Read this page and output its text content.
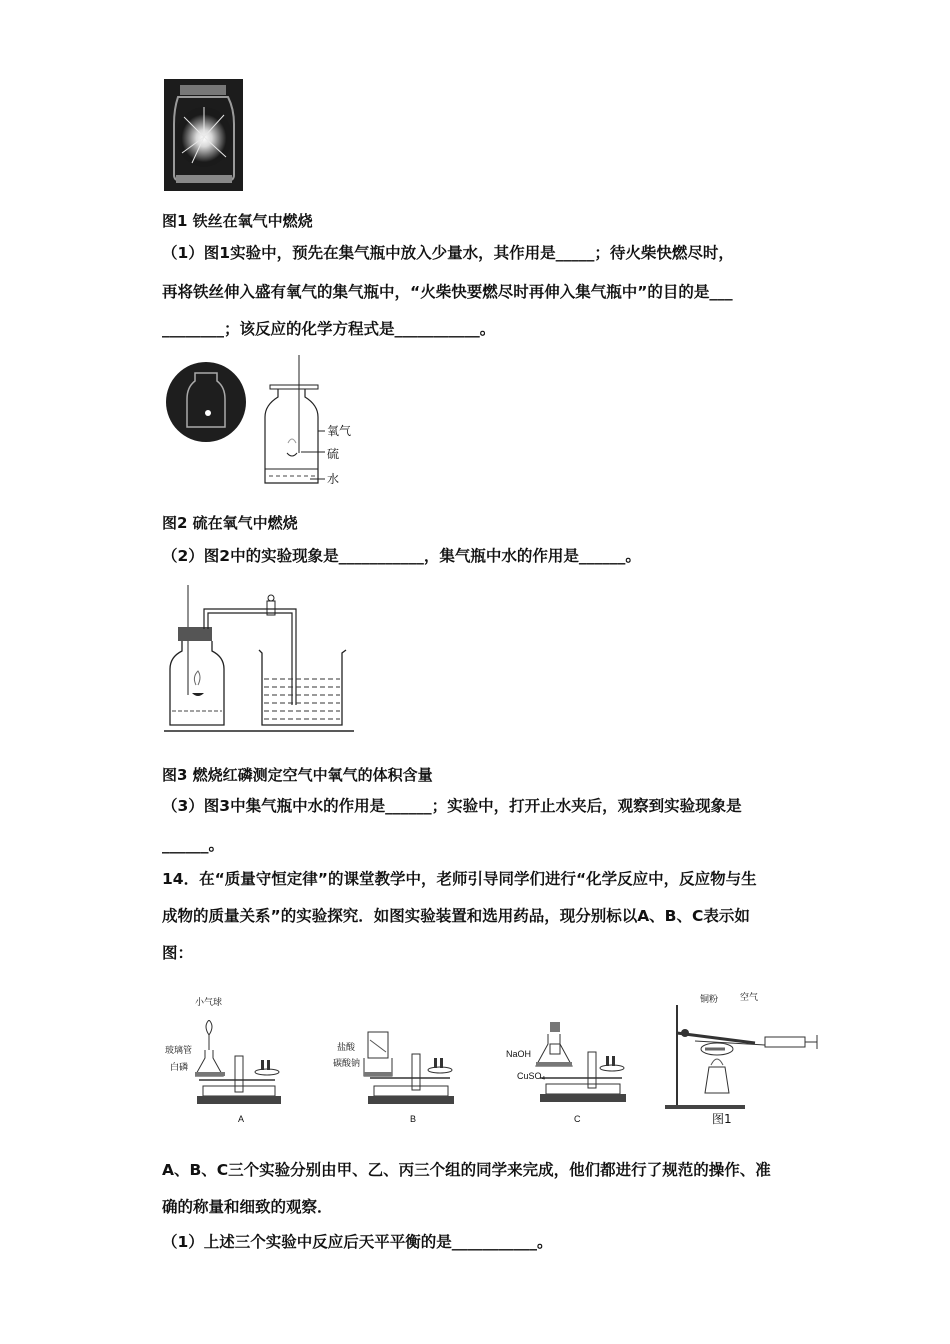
图1 铁丝在氧气中燃烧
（1）图1实验中，预先在集气瓶中放入少量水，其作用是_____；待火柴快燃尽时，
再将铁丝伸入盛有氧气的集气瓶中，“火柴快要燃尽时再伸入集气瓶中”的目的是___
________；该反应的化学方程式是___________。
氧气
硫
水
图2 硫在氧气中燃烧
（2）图2中的实验现象是___________，集气瓶中水的作用是______。
图3 燃烧红磷测定空气中氧气的体积含量
（3）图3中集气瓶中水的作用是______；实验中，打开止水夹后，观察到实验现象是
______。
14．在“质量守恒定律”的课堂教学中，老师引导同学们进行“化学反应中，反应物与生
成物的质量关系”的实验探究．如图实验装置和选用药品，现分别标以A、B、C表示如
图：
小气球
玻璃管
白磷
A
盐酸
碳酸钠
B
NaOH
CuSO₄
C
铜粉 空气
图1
A、B、C三个实验分别由甲、乙、丙三个组的同学来完成，他们都进行了规范的操作、准
确的称量和细致的观察．
（1）上述三个实验中反应后天平平衡的是___________。
